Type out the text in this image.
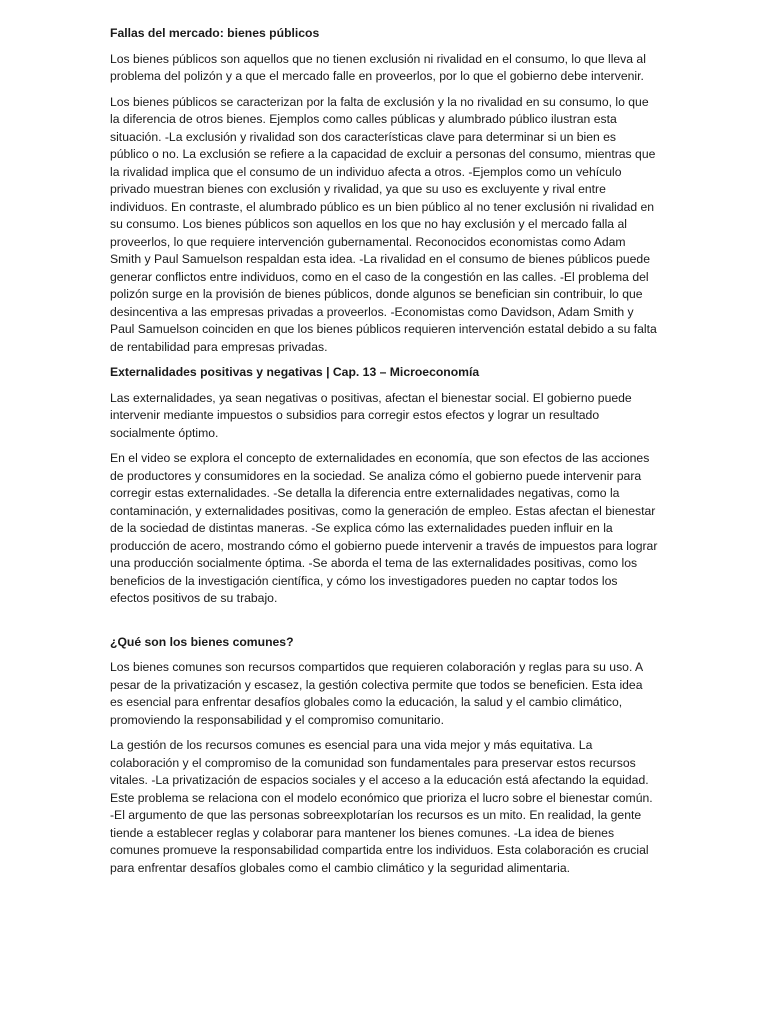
Fallas del mercado: bienes públicos

Los bienes públicos son aquellos que no tienen exclusión ni rivalidad en el consumo, lo que lleva al problema del polizón y a que el mercado falle en proveerlos, por lo que el gobierno debe intervenir.

Los bienes públicos se caracterizan por la falta de exclusión y la no rivalidad en su consumo, lo que la diferencia de otros bienes. Ejemplos como calles públicas y alumbrado público ilustran esta situación. -La exclusión y rivalidad son dos características clave para determinar si un bien es público o no. La exclusión se refiere a la capacidad de excluir a personas del consumo, mientras que la rivalidad implica que el consumo de un individuo afecta a otros. -Ejemplos como un vehículo privado muestran bienes con exclusión y rivalidad, ya que su uso es excluyente y rival entre individuos. En contraste, el alumbrado público es un bien público al no tener exclusión ni rivalidad en su consumo. Los bienes públicos son aquellos en los que no hay exclusión y el mercado falla al proveerlos, lo que requiere intervención gubernamental. Reconocidos economistas como Adam Smith y Paul Samuelson respaldan esta idea. -La rivalidad en el consumo de bienes públicos puede generar conflictos entre individuos, como en el caso de la congestión en las calles. -El problema del polizón surge en la provisión de bienes públicos, donde algunos se benefician sin contribuir, lo que desincentiva a las empresas privadas a proveerlos. -Economistas como Davidson, Adam Smith y Paul Samuelson coinciden en que los bienes públicos requieren intervención estatal debido a su falta de rentabilidad para empresas privadas.

Externalidades positivas y negativas | Cap. 13 – Microeconomía

Las externalidades, ya sean negativas o positivas, afectan el bienestar social. El gobierno puede intervenir mediante impuestos o subsidios para corregir estos efectos y lograr un resultado socialmente óptimo.

En el video se explora el concepto de externalidades en economía, que son efectos de las acciones de productores y consumidores en la sociedad. Se analiza cómo el gobierno puede intervenir para corregir estas externalidades. -Se detalla la diferencia entre externalidades negativas, como la contaminación, y externalidades positivas, como la generación de empleo. Estas afectan el bienestar de la sociedad de distintas maneras. -Se explica cómo las externalidades pueden influir en la producción de acero, mostrando cómo el gobierno puede intervenir a través de impuestos para lograr una producción socialmente óptima. -Se aborda el tema de las externalidades positivas, como los beneficios de la investigación científica, y cómo los investigadores pueden no captar todos los efectos positivos de su trabajo.

¿Qué son los bienes comunes?

Los bienes comunes son recursos compartidos que requieren colaboración y reglas para su uso. A pesar de la privatización y escasez, la gestión colectiva permite que todos se beneficien. Esta idea es esencial para enfrentar desafíos globales como la educación, la salud y el cambio climático, promoviendo la responsabilidad y el compromiso comunitario.

La gestión de los recursos comunes es esencial para una vida mejor y más equitativa. La colaboración y el compromiso de la comunidad son fundamentales para preservar estos recursos vitales. -La privatización de espacios sociales y el acceso a la educación está afectando la equidad. Este problema se relaciona con el modelo económico que prioriza el lucro sobre el bienestar común. -El argumento de que las personas sobreexplotarían los recursos es un mito. En realidad, la gente tiende a establecer reglas y colaborar para mantener los bienes comunes. -La idea de bienes comunes promueve la responsabilidad compartida entre los individuos. Esta colaboración es crucial para enfrentar desafíos globales como el cambio climático y la seguridad alimentaria.
